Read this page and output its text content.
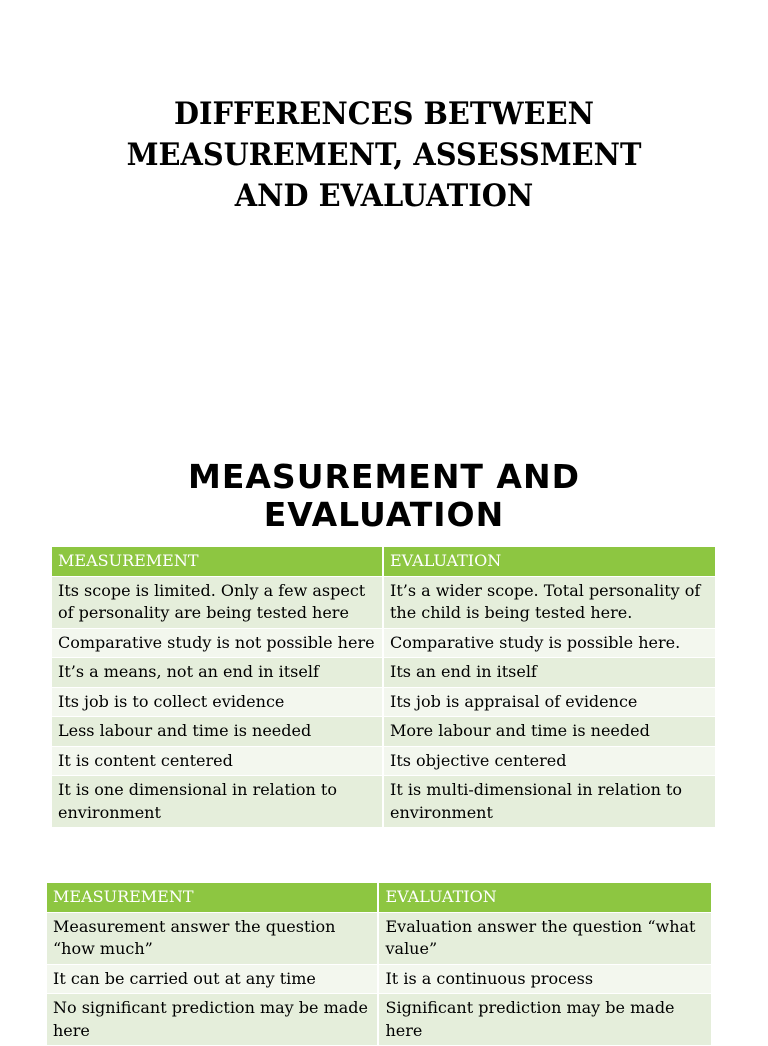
DIFFERENCES BETWEEN
MEASUREMENT, ASSESSMENT
AND EVALUATION
MEASUREMENT AND
EVALUATION
MEASUREMENT	EVALUATION
Its scope is limited. Only a few aspect of personality are being tested here	It’s a wider scope. Total personality of the child is being tested here.
Comparative study is not possible here	Comparative study is possible here.
It’s a means, not an end in itself	Its an end in itself
Its job is to collect evidence	Its job is appraisal of evidence
Less labour and time is needed	More labour and time is needed
It is content centered	Its objective centered
It is one dimensional in relation to environment	It is multi-dimensional in relation to environment
MEASUREMENT	EVALUATION
Measurement answer the question “how much”	Evaluation answer the question “what value”
It can be carried out at any time	It is a continuous process
No significant prediction may be made here	Significant prediction may be made here
